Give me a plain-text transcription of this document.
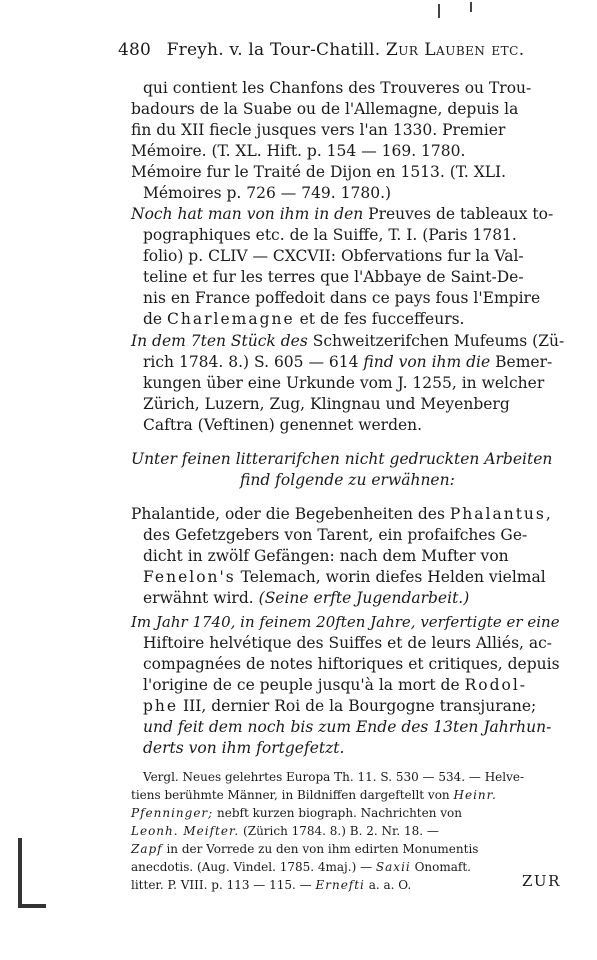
480 Freyh. v. la Tour-Chatill. Zur Lauben etc.
qui contient les Chanfons des Trouveres ou Trou-
badours de la Suabe ou de l'Allemagne, depuis la
fin du XII fiecle jusques vers l'an 1330. Premier
Mémoire. (T. XL. Hift. p. 154 — 169. 1780.
Mémoire fur le Traité de Dijon en 1513. (T. XLI.
Mémoires p. 726 — 749. 1780.)
Noch hat man von ihm in den Preuves de tableaux to-
pographiques etc. de la Suiffe, T. I. (Paris 1781.
folio) p. CLIV — CXCVII: Obfervations fur la Val-
teline et fur les terres que l'Abbaye de Saint-De-
nis en France poffedoit dans ce pays fous l'Empire
de Charlemagne et de fes fucceffeurs.
In dem 7ten Stück des Schweitzerifchen Mufeums (Zü-
rich 1784. 8.) S. 605 — 614 find von ihm die Bemer-
kungen über eine Urkunde vom J. 1255, in welcher
Zürich, Luzern, Zug, Klingnau und Meyenberg
Caftra (Veftinen) genennet werden.
Unter feinen litterarifchen nicht gedruckten Arbeiten
find folgende zu erwähnen:
Phalantide, oder die Begebenheiten des Phalantus,
des Gefetzgebers von Tarent, ein profaifches Ge-
dicht in zwölf Gefängen: nach dem Mufter von
Fenelon's Telemach, worin diefes Helden vielmal
erwähnt wird. (Seine erfte Jugendarbeit.)
Im Jahr 1740, in feinem 20ften Jahre, verfertigte er eine
Hiftoire helvétique des Suiffes et de leurs Alliés, ac-
compagnées de notes hiftoriques et critiques, depuis
l'origine de ce peuple jusqu'à la mort de Rodol-
phe III, dernier Roi de la Bourgogne transjurane;
und feit dem noch bis zum Ende des 13ten Jahrhun-
derts von ihm fortgefetzt.
Vergl. Neues gelehrtes Europa Th. 11. S. 530 — 534. — Helve-
tiens berühmte Männer, in Bildniffen dargeftellt von Heinr.
Pfenninger; nebft kurzen biograph. Nachrichten von
Leonh. Meifter. (Zürich 1784. 8.) B. 2. Nr. 18. —
Zapf in der Vorrede zu den von ihm edirten Monumentis
anecdotis. (Aug. Vindel. 1785. 4maj.) — Saxii Onomaft.
litter. P. VIII. p. 113 — 115. — Ernefti a. a. O.	ZUR
